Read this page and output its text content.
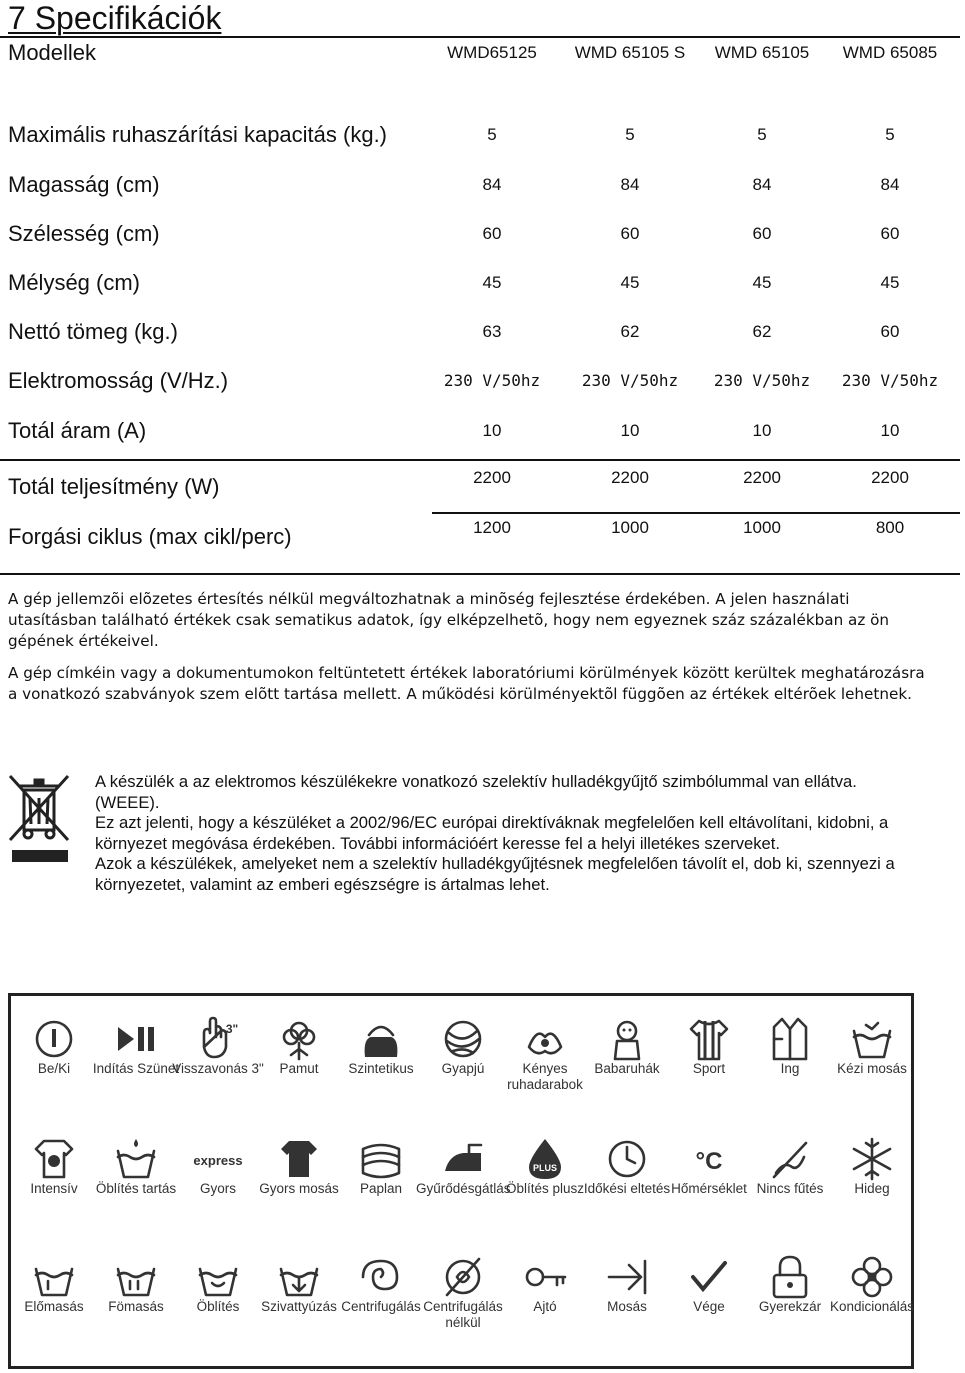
7 Specifikációk
Modellek	WMD65125	WMD 65105 S	WMD 65105	WMD 65085
Maximális ruhaszárítási kapacitás (kg.)	5	5	5	5
Magasság (cm)	84	84	84	84
Szélesség (cm)	60	60	60	60
Mélység (cm)	45	45	45	45
Nettó tömeg (kg.)	63	62	62	60
Elektromosság (V/Hz.)	230 V/50hz	230 V/50hz	230 V/50hz	230 V/50hz
Totál áram (A)	10	10	10	10
Totál teljesítmény (W)	2200	2200	2200	2200
Forgási ciklus (max cikl/perc)	1200	1000	1000	800

A gép jellemzõi elõzetes értesítés nélkül megváltozhatnak a minõség fejlesztése érdekében. A jelen használati utasításban található értékek csak sematikus adatok, így elképzelhetõ, hogy nem egyeznek száz százalékban az ön gépének értékeivel.

A gép címkéin vagy a dokumentumokon feltüntetett értékek laboratóriumi körülmények között kerültek meghatározásra a vonatkozó szabványok szem elõtt tartása mellett. A működési körülményektõl függõen az értékek eltérõek lehetnek.

A készülék a az elektromos készülékekre vonatkozó szelektív hulladékgyűjtő szimbólummal van ellátva. (WEEE).

Ez azt jelenti, hogy a készüléket a 2002/96/EC európai direktíváknak megfelelően kell eltávolítani, kidobni, a környezet megóvása érdekében. További információért keresse fel a helyi illetékes szerveket.

Azok a készülékek, amelyeket nem a szelektív hulladékgyűjtésnek megfelelően távolít el, dob ki, szennyezi a környezetet, valamint az emberi egészségre is ártalmas lehet.

Be/Ki	Indítás Szünet
3"
Visszavonás 3"	Pamut	Szintetikus	Gyapjú	Kényes ruhadarabok
Babaruhák	Sport	Ing	Kézi mosás
Intensív	Öblítés tartás
express
Gyors	Gyors mosás	Paplan	Gyűrődésgátlás
PLUS
Öblítés plusz Időkési eltetés
°C
Hőmérséklet Nincs fűtés	Hideg
Előmasás	Fömasás	Öblítés	Szivattyúzás Centrifugálás Centrifugálás nélkül
Ajtó	Mosás	Vége	Gyerekzár Kondicionálás
